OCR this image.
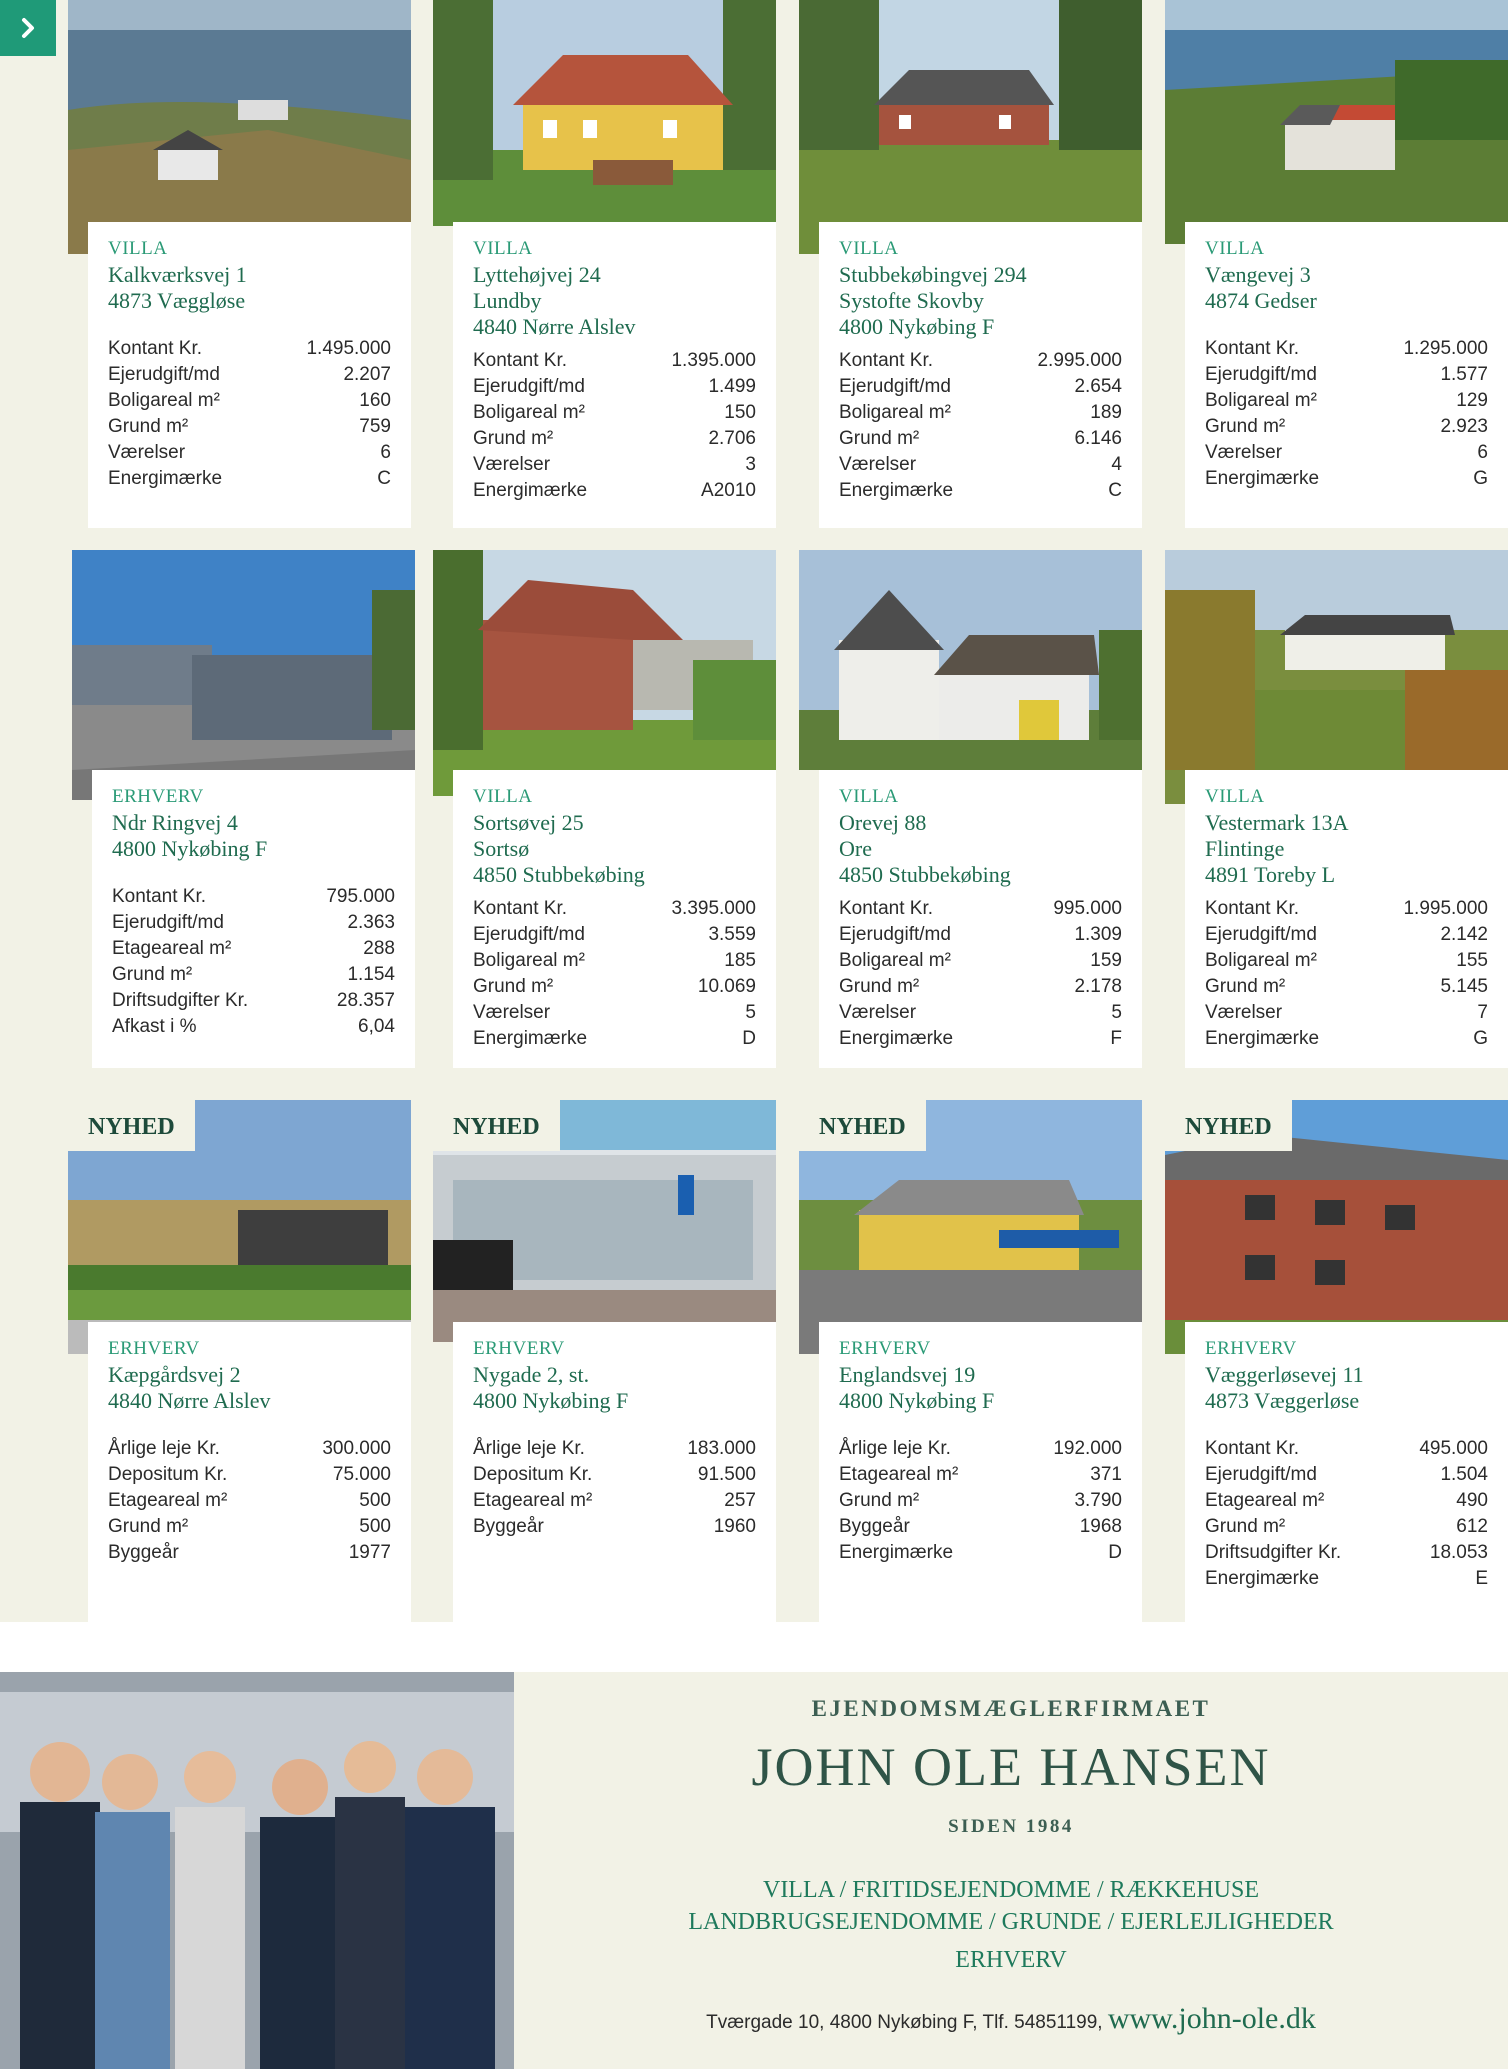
VILLA
Kalkværksvej 1
4873 Væggløse
Kontant Kr.	1.495.000
Ejerudgift/md	2.207
Boligareal m²	160
Grund m²	759
Værelser	6
Energimærke	C
VILLA
Lyttehøjvej 24
Lundby
4840 Nørre Alslev
Kontant Kr.	1.395.000
Ejerudgift/md	1.499
Boligareal m²	150
Grund m²	2.706
Værelser	3
Energimærke	A2010
VILLA
Stubbekøbingvej 294
Systofte Skovby
4800 Nykøbing F
Kontant Kr.	2.995.000
Ejerudgift/md	2.654
Boligareal m²	189
Grund m²	6.146
Værelser	4
Energimærke	C
VILLA
Vængevej 3
4874 Gedser
Kontant Kr.	1.295.000
Ejerudgift/md	1.577
Boligareal m²	129
Grund m²	2.923
Værelser	6
Energimærke	G
ERHVERV
Ndr Ringvej 4
4800 Nykøbing F
Kontant Kr.	795.000
Ejerudgift/md	2.363
Etageareal m²	288
Grund m²	1.154
Driftsudgifter Kr.	28.357
Afkast i %	6,04
VILLA
Sortsøvej 25
Sortsø
4850 Stubbekøbing
Kontant Kr.	3.395.000
Ejerudgift/md	3.559
Boligareal m²	185
Grund m²	10.069
Værelser	5
Energimærke	D
VILLA
Orevej 88
Ore
4850 Stubbekøbing
Kontant Kr.	995.000
Ejerudgift/md	1.309
Boligareal m²	159
Grund m²	2.178
Værelser	5
Energimærke	F
VILLA
Vestermark 13A
Flintinge
4891 Toreby L
Kontant Kr.	1.995.000
Ejerudgift/md	2.142
Boligareal m²	155
Grund m²	5.145
Værelser	7
Energimærke	G
NYHED
ERHVERV
Kæpgårdsvej 2
4840 Nørre Alslev
Årlige leje Kr.	300.000
Depositum Kr.	75.000
Etageareal m²	500
Grund m²	500
Byggeår	1977
NYHED
ERHVERV
Nygade 2, st.
4800 Nykøbing F
Årlige leje Kr.	183.000
Depositum Kr.	91.500
Etageareal m²	257
Byggeår	1960
NYHED
ERHVERV
Englandsvej 19
4800 Nykøbing F
Årlige leje Kr.	192.000
Etageareal m²	371
Grund m²	3.790
Byggeår	1968
Energimærke	D
NYHED
ERHVERV
Væggerløsevej 11
4873 Væggerløse
Kontant Kr.	495.000
Ejerudgift/md	1.504
Etageareal m²	490
Grund m²	612
Driftsudgifter Kr.	18.053
Energimærke	E
EJENDOMSMÆGLERFIRMAET
JOHN OLE HANSEN
SIDEN 1984
VILLA / FRITIDSEJENDOMME / RÆKKEHUSE
LANDBRUGSEJENDOMME / GRUNDE / EJERLEJLIGHEDER
ERHVERV
Tværgade 10, 4800 Nykøbing F, Tlf. 54851199, www.john-ole.dk
